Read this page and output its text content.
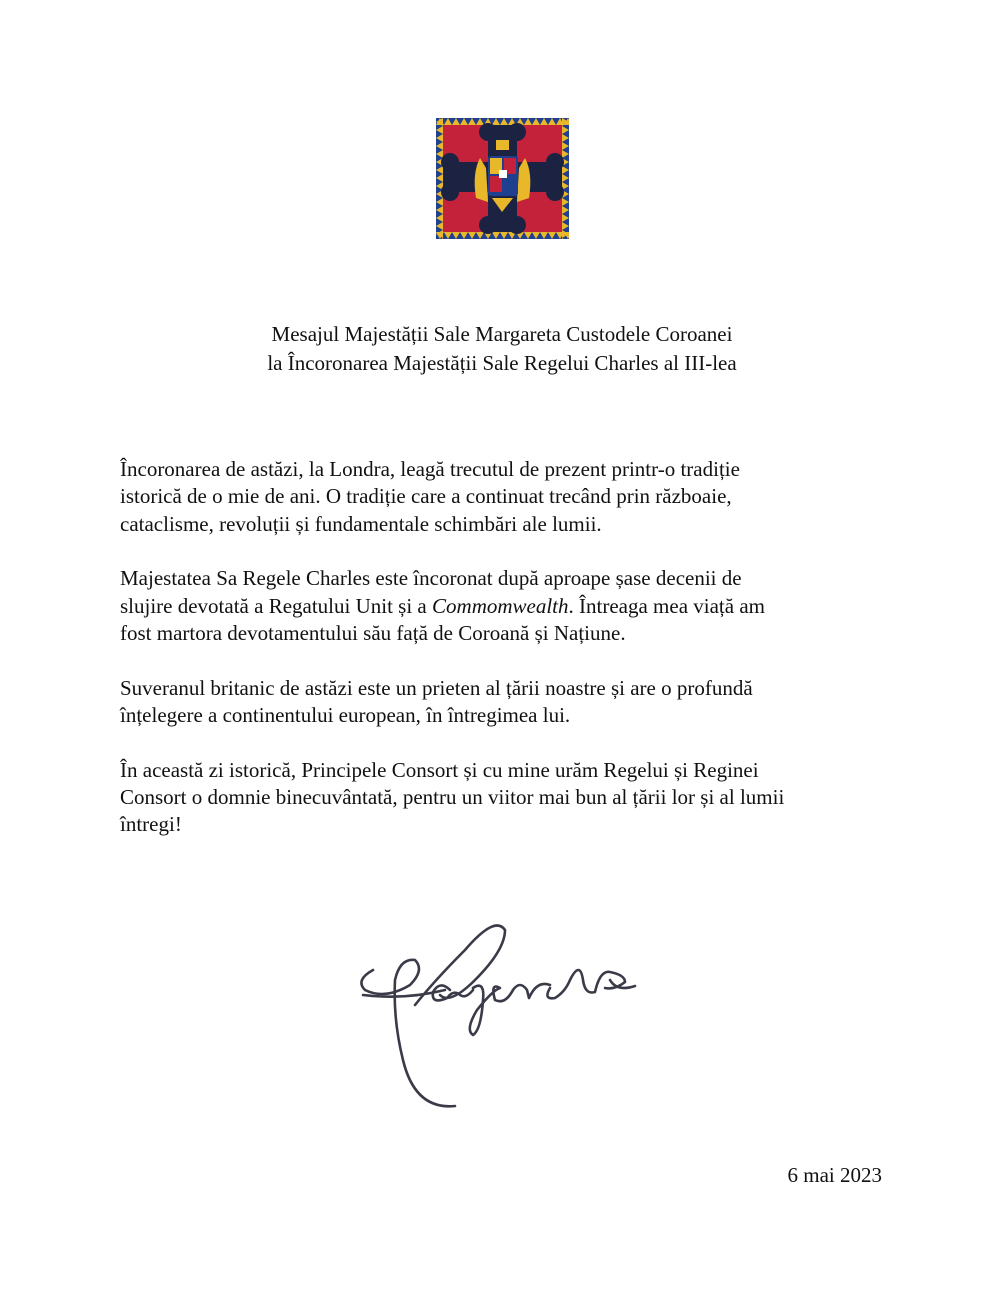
Mesajul Majestății Sale Margareta Custodele Coroanei
la Încoronarea Majestății Sale Regelui Charles al III-lea

Încoronarea de astăzi, la Londra, leagă trecutul de prezent printr-o tradiție
istorică de o mie de ani. O tradiție care a continuat trecând prin războaie,
cataclisme, revoluții și fundamentale schimbări ale lumii.

Majestatea Sa Regele Charles este încoronat după aproape șase decenii de
slujire devotată a Regatului Unit și a Commomwealth. Întreaga mea viață am
fost martora devotamentului său față de Coroană și Națiune.

Suveranul britanic de astăzi este un prieten al țării noastre și are o profundă
înțelegere a continentului european, în întregimea lui.

În această zi istorică, Principele Consort și cu mine urăm Regelui și Reginei
Consort o domnie binecuvântată, pentru un viitor mai bun al țării lor și al lumii
întregi!

6 mai 2023
